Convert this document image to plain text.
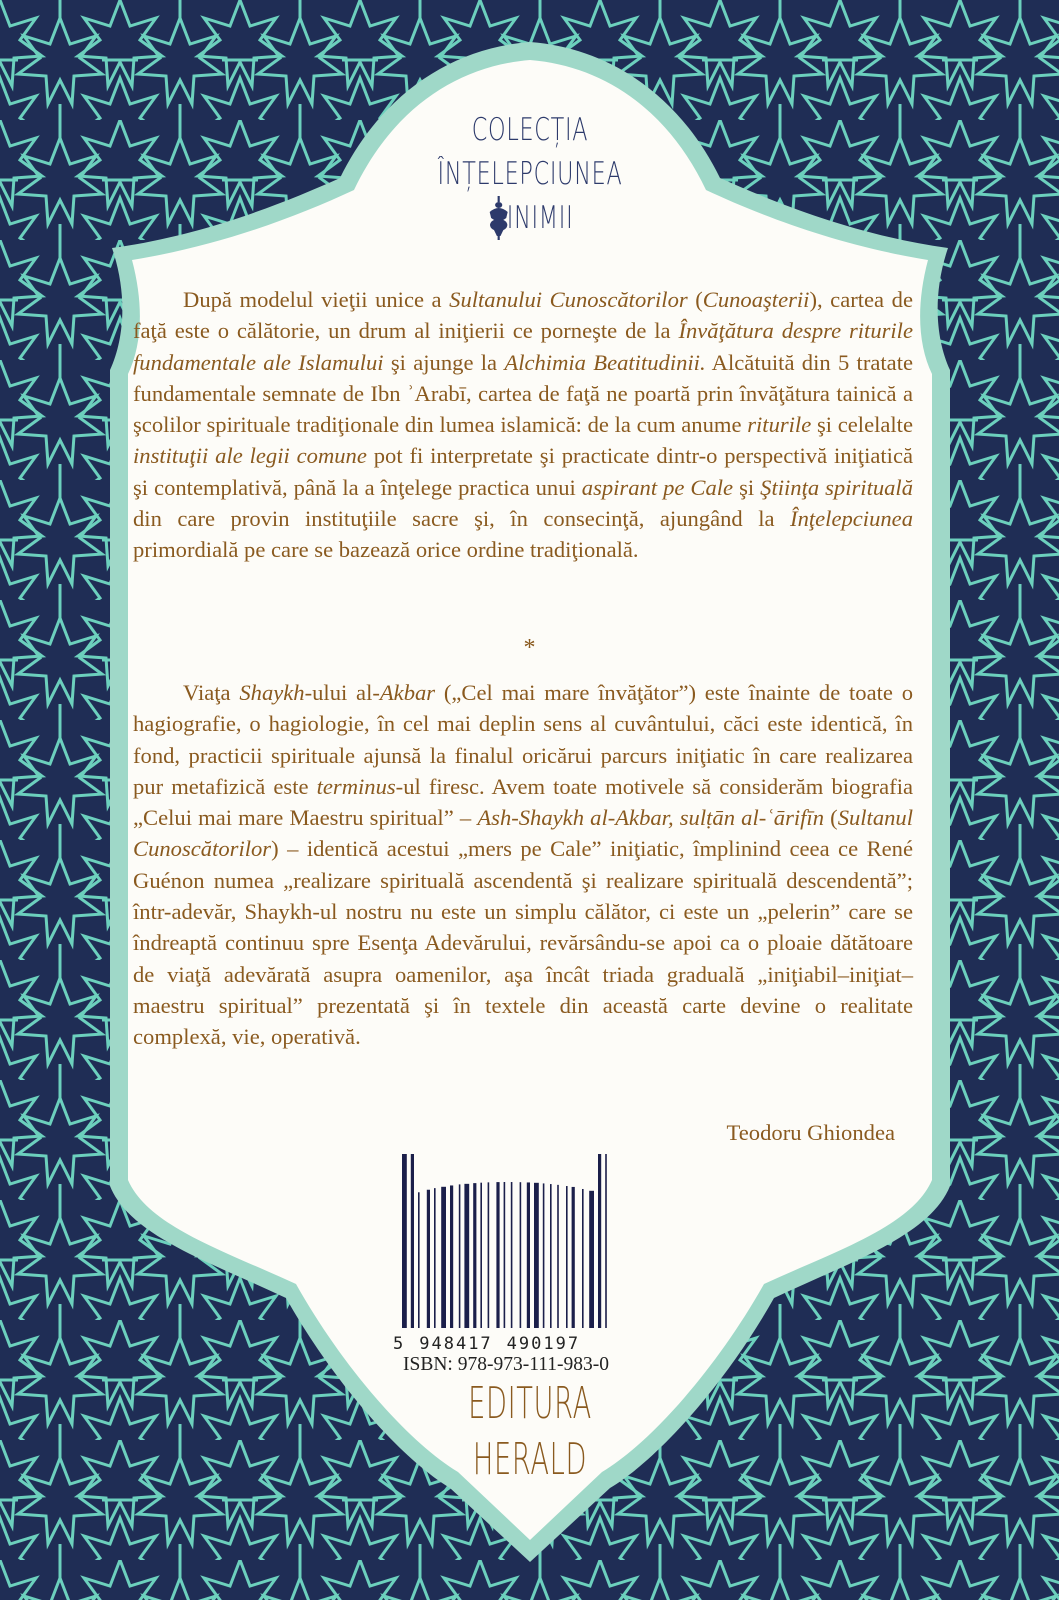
COLECȚIA
ÎNȚELEPCIUNEA
INIMII

După modelul vieţii unice a Sultanului Cunoscătorilor (Cunoaşterii), cartea de faţă este o călătorie, un drum al iniţierii ce porneşte de la Învăţătura despre riturile fundamentale ale Islamului şi ajunge la Alchimia Beatitudinii. Alcătuită din 5 tratate fundamentale semnate de Ibn ʾArabī, cartea de faţă ne poartă prin învăţătura tainică a şcolilor spirituale tradiţionale din lumea islamică: de la cum anume riturile şi celelalte instituţii ale legii comune pot fi interpretate şi practicate dintr-o perspectivă iniţiatică şi contemplativă, până la a înţelege practica unui aspirant pe Cale şi Ştiinţa spirituală din care provin instituţiile sacre şi, în consecinţă, ajungând la Înţelepciunea primordială pe care se bazează orice ordine tradiţională.

*

Viaţa Shaykh-ului al-Akbar („Cel mai mare învăţător”) este înainte de toate o hagiografie, o hagiologie, în cel mai deplin sens al cuvântului, căci este identică, în fond, practicii spirituale ajunsă la finalul oricărui parcurs iniţiatic în care realizarea pur metafizică este terminus-ul firesc. Avem toate motivele să considerăm biografia „Celui mai mare Maestru spiritual” – Ash-Shaykh al-Akbar, sulṭān al-ʿārifīn (Sultanul Cunoscătorilor) – identică acestui „mers pe Cale” iniţiatic, împlinind ceea ce René Guénon numea „realizare spirituală ascendentă şi realizare spirituală descendentă”; într-adevăr, Shaykh-ul nostru nu este un simplu călător, ci este un „pelerin” care se îndreaptă continuu spre Esenţa Adevărului, revărsându-se apoi ca o ploaie dătătoare de viaţă adevărată asupra oamenilor, aşa încât triada graduală „iniţiabil–iniţiat–maestru spiritual” prezentată şi în textele din această carte devine o realitate complexă, vie, operativă.

Teodoru Ghiondea
5 948417 490197
ISBN: 978-973-111-983-0
EDITURA
HERALD
